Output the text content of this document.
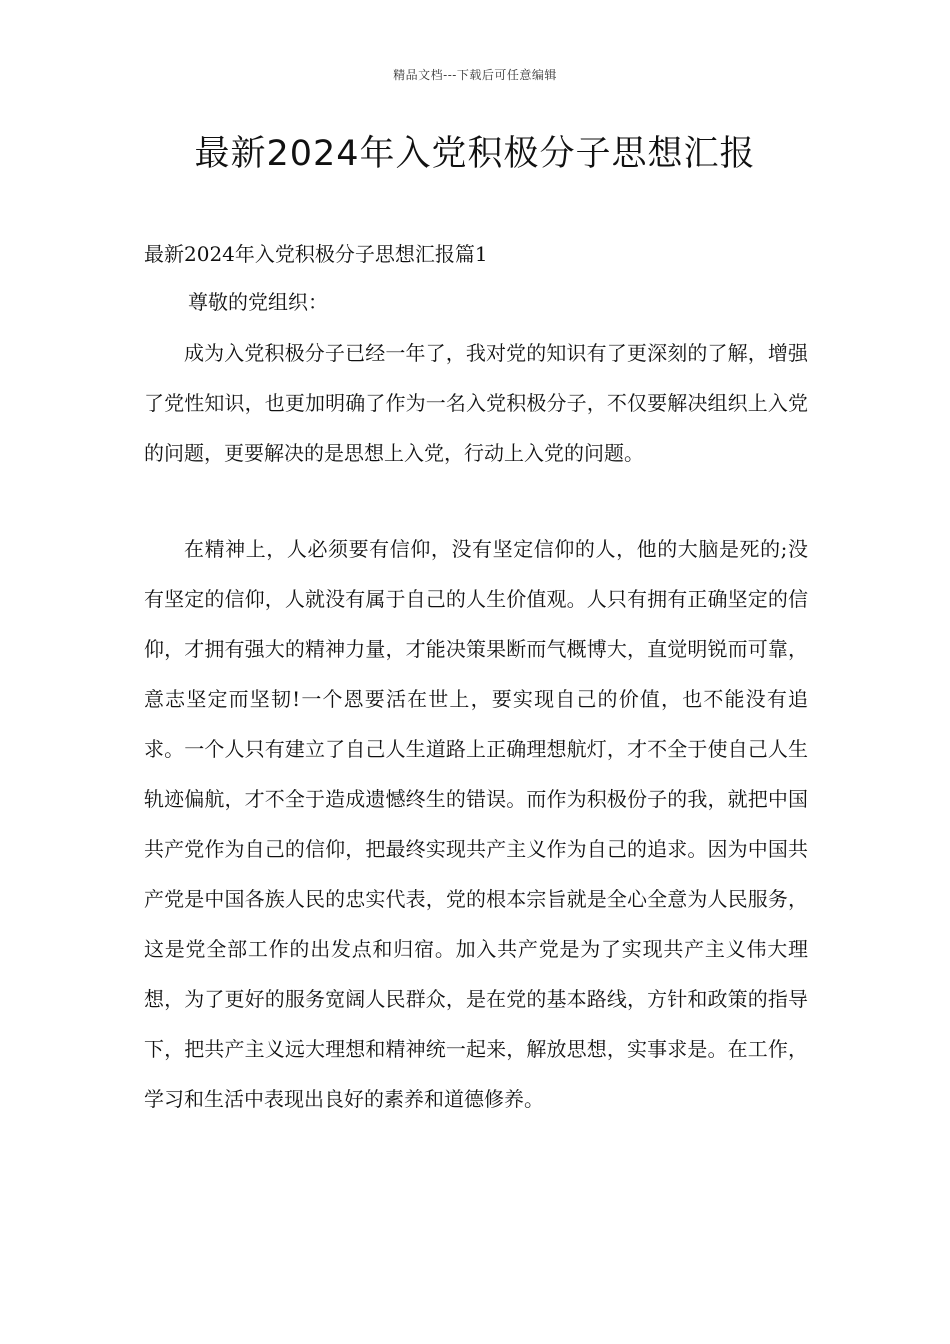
精品文档---下载后可任意编辑
最新2024年入党积极分子思想汇报

最新2024年入党积极分子思想汇报篇1

尊敬的党组织：

成为入党积极分子已经一年了，我对党的知识有了更深刻的了解，增强了党性知识，也更加明确了作为一名入党积极分子，不仅要解决组织上入党的问题，更要解决的是思想上入党，行动上入党的问题。

在精神上，人必须要有信仰，没有坚定信仰的人，他的大脑是死的;没有坚定的信仰，人就没有属于自己的人生价值观。人只有拥有正确坚定的信仰，才拥有强大的精神力量，才能决策果断而气概博大，直觉明锐而可靠，意志坚定而坚韧!一个恩要活在世上，要实现自己的价值，也不能没有追求。一个人只有建立了自己人生道路上正确理想航灯，才不全于使自己人生轨迹偏航，才不全于造成遗憾终生的错误。而作为积极份子的我，就把中国共产党作为自己的信仰，把最终实现共产主义作为自己的追求。因为中国共产党是中国各族人民的忠实代表，党的根本宗旨就是全心全意为人民服务，这是党全部工作的出发点和归宿。加入共产党是为了实现共产主义伟大理想，为了更好的服务宽阔人民群众，是在党的基本路线，方针和政策的指导下，把共产主义远大理想和精神统一起来，解放思想，实事求是。在工作，学习和生活中表现出良好的素养和道德修养。
